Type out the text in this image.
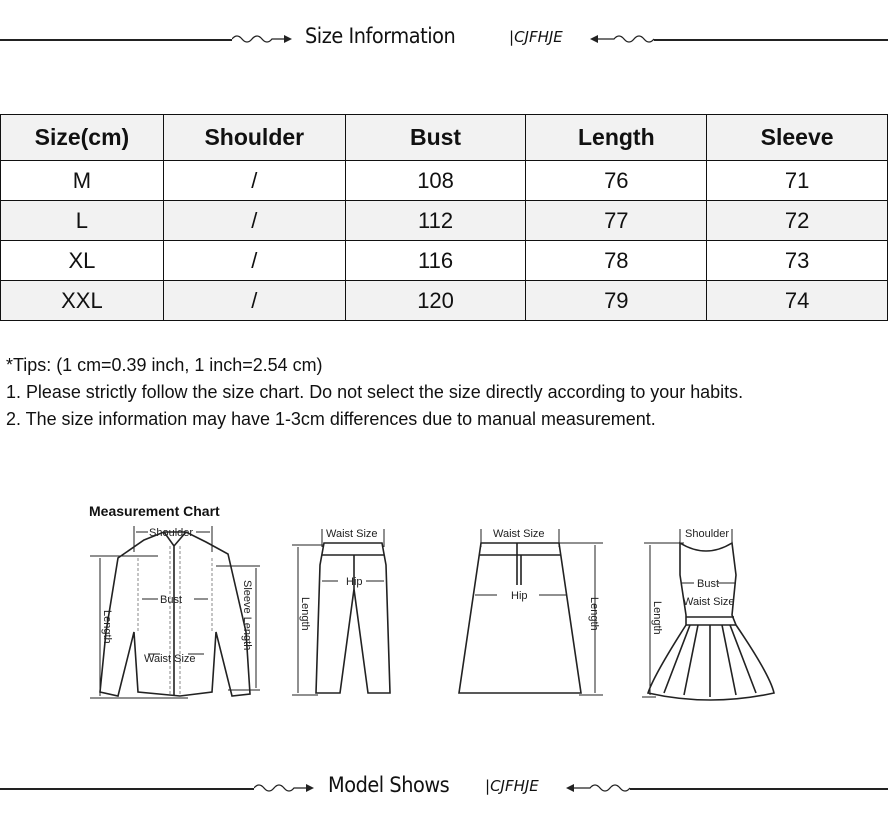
Size Information	|CJFHJE
Size(cm)	Shoulder	Bust	Length	Sleeve
M	/	108	76	71
L	/	112	77	72
XL	/	116	78	73
XXL	/	120	79	74
*Tips: (1 cm=0.39 inch, 1 inch=2.54 cm)
1. Please strictly follow the size chart. Do not select the size directly according to your habits.
2. The size information may have 1-3cm differences due to manual measurement.
Measurement Chart
Shoulder
Bust
Waist Size
Length	Sleeve Length
Waist Size
Hip
Length
Waist Size
Hip
Length
Shoulder
Bust
Waist Size
Length
Model Shows |CJFHJE
